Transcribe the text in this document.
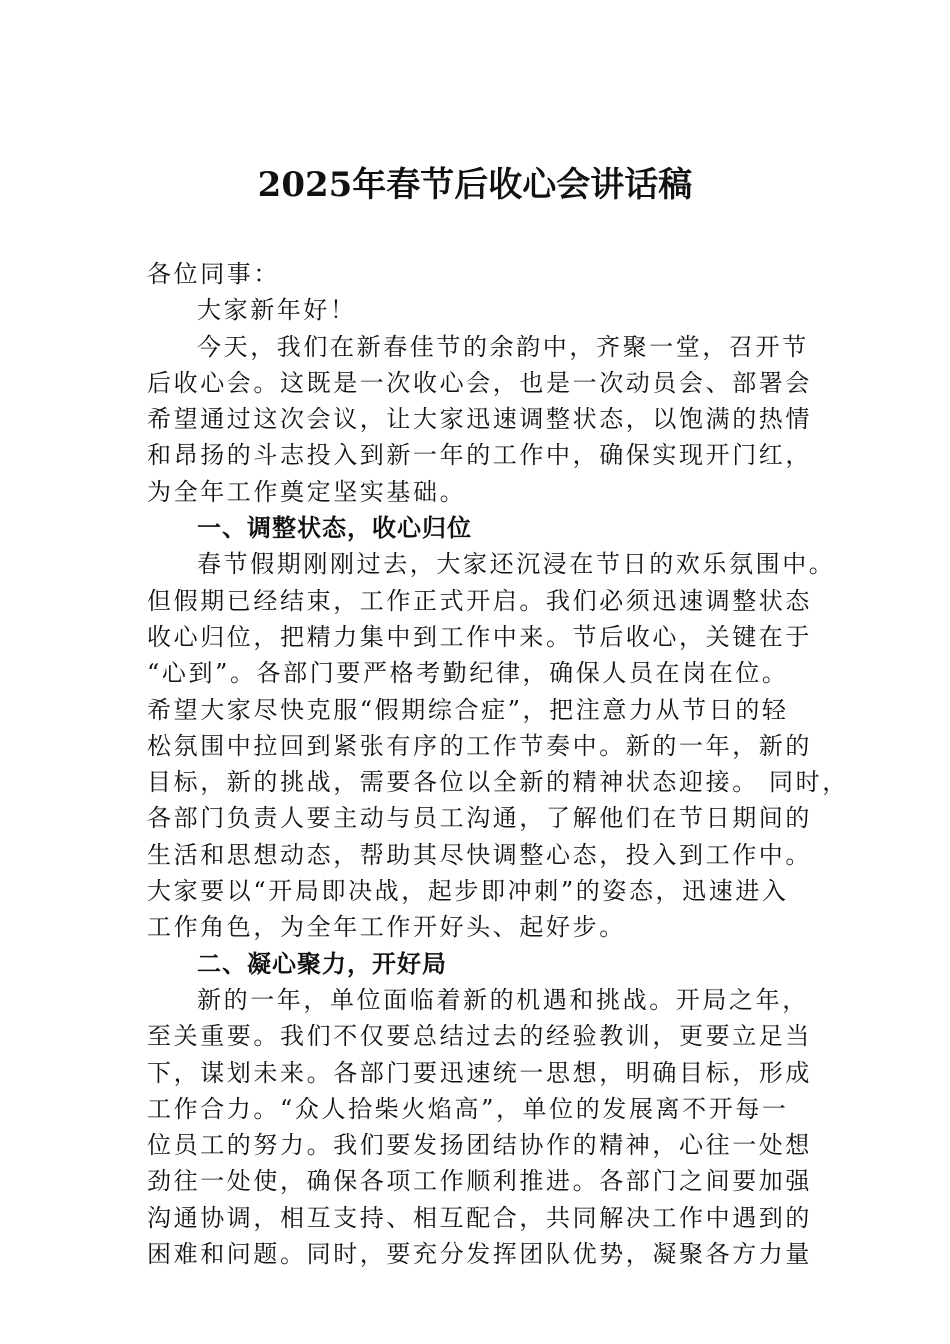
2025年春节后收心会讲话稿
各位同事：
大家新年好！
今天，我们在新春佳节的余韵中，齐聚一堂，召开节
后收心会。这既是一次收心会，也是一次动员会、部署会
希望通过这次会议，让大家迅速调整状态，以饱满的热情
和昂扬的斗志投入到新一年的工作中，确保实现开门红，
为全年工作奠定坚实基础。
一、调整状态，收心归位
春节假期刚刚过去，大家还沉浸在节日的欢乐氛围中。
但假期已经结束，工作正式开启。我们必须迅速调整状态
收心归位，把精力集中到工作中来。节后收心，关键在于
“心到”。各部门要严格考勤纪律，确保人员在岗在位。
希望大家尽快克服“假期综合症”，把注意力从节日的轻
松氛围中拉回到紧张有序的工作节奏中。新的一年，新的
目标，新的挑战，需要各位以全新的精神状态迎接。 同时，
各部门负责人要主动与员工沟通，了解他们在节日期间的
生活和思想动态，帮助其尽快调整心态，投入到工作中。
大家要以“开局即决战，起步即冲刺”的姿态，迅速进入
工作角色，为全年工作开好头、起好步。
二、凝心聚力，开好局
新的一年，单位面临着新的机遇和挑战。开局之年，
至关重要。我们不仅要总结过去的经验教训，更要立足当
下，谋划未来。各部门要迅速统一思想，明确目标，形成
工作合力。“众人拾柴火焰高”，单位的发展离不开每一
位员工的努力。我们要发扬团结协作的精神，心往一处想
劲往一处使，确保各项工作顺利推进。各部门之间要加强
沟通协调，相互支持、相互配合，共同解决工作中遇到的
困难和问题。同时，要充分发挥团队优势，凝聚各方力量
